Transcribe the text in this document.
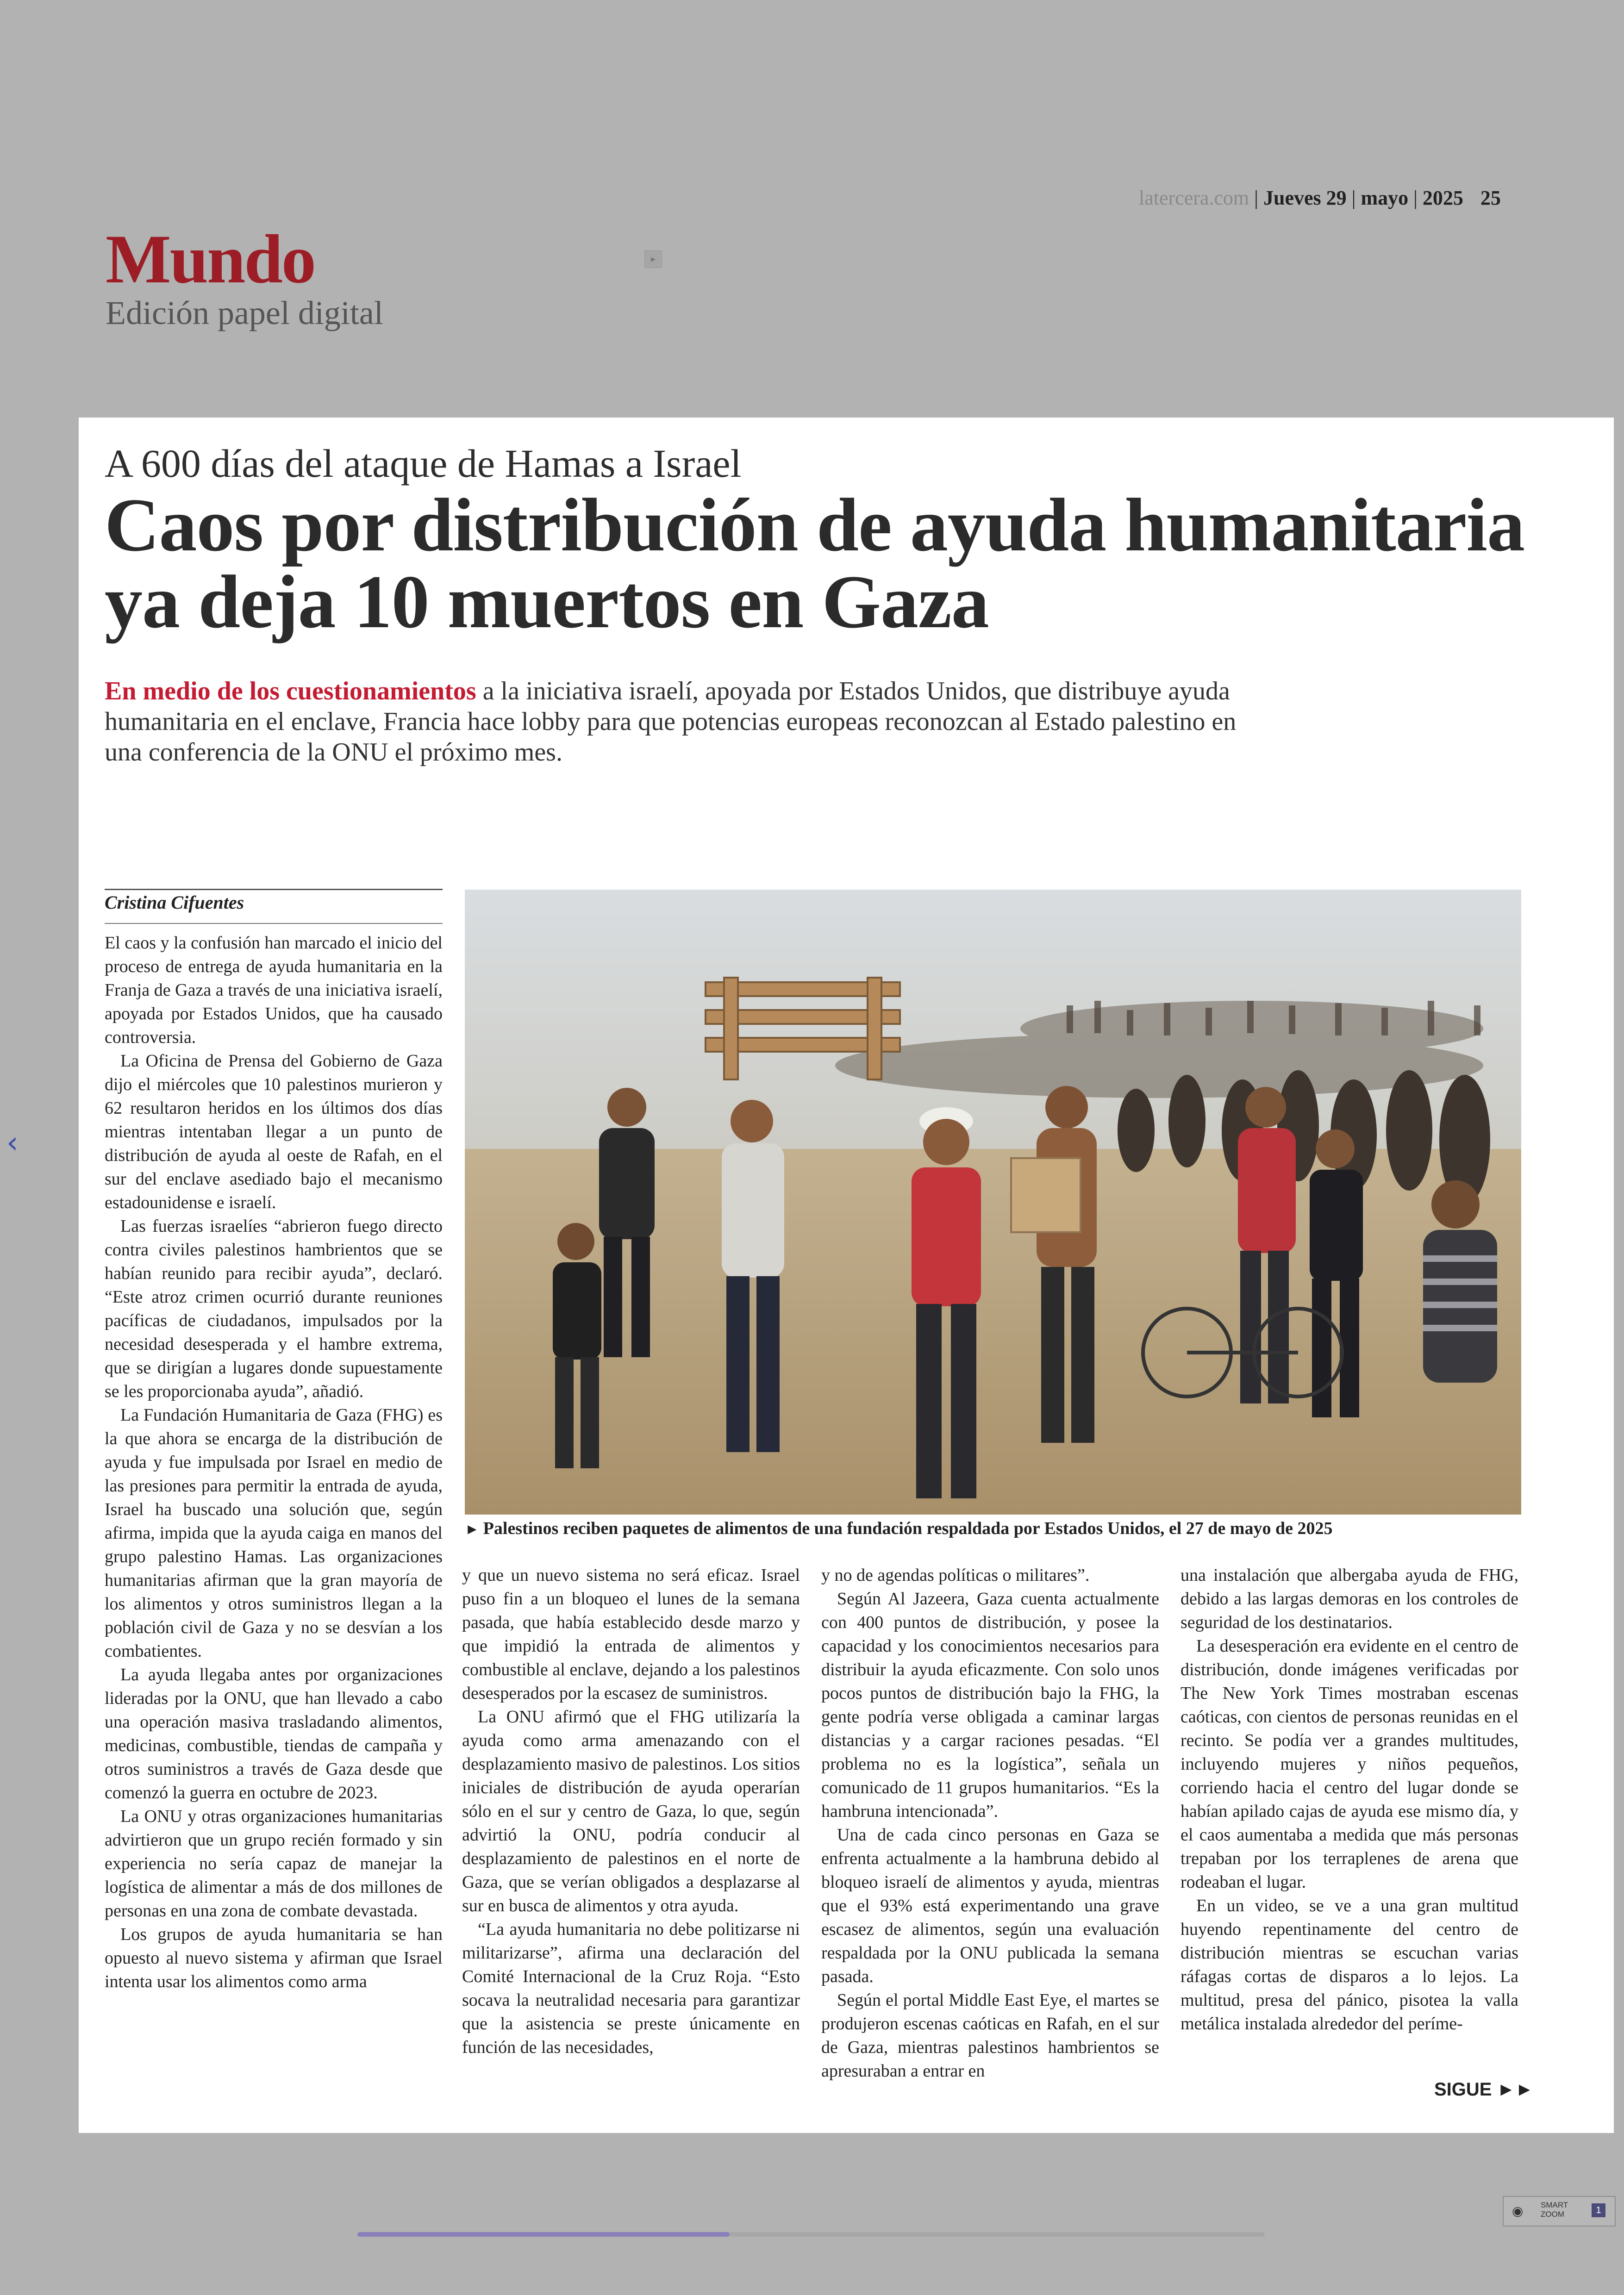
latercera.com | Jueves 29 | mayo | 2025 25
Mundo
Edición papel digital
▸
‹
A 600 días del ataque de Hamas a Israel
Caos por distribución de ayuda humanitaria ya deja 10 muertos en Gaza
En medio de los cuestionamientos a la iniciativa israelí, apoyada por Estados Unidos, que distribuye ayuda humanitaria en el enclave, Francia hace lobby para que potencias europeas reconozcan al Estado palestino en una conferencia de la ONU el próximo mes.
Cristina Cifuentes

El caos y la confusión han marcado el inicio del proceso de entrega de ayuda humanitaria en la Franja de Gaza a través de una iniciativa israelí, apoyada por Estados Unidos, que ha causado controversia.

La Oficina de Prensa del Gobierno de Gaza dijo el miércoles que 10 palestinos murieron y 62 resultaron heridos en los últimos dos días mientras intentaban llegar a un punto de distribución de ayuda al oeste de Rafah, en el sur del enclave asediado bajo el mecanismo estadounidense e israelí.

Las fuerzas israelíes “abrieron fuego directo contra civiles palestinos hambrientos que se habían reunido para recibir ayuda”, declaró. “Este atroz crimen ocurrió durante reuniones pacíficas de ciudadanos, impulsados por la necesidad desesperada y el hambre extrema, que se dirigían a lugares donde supuestamente se les proporcionaba ayuda”, añadió.

La Fundación Humanitaria de Gaza (FHG) es la que ahora se encarga de la distribución de ayuda y fue impulsada por Israel en medio de las presiones para permitir la entrada de ayuda, Israel ha buscado una solución que, según afirma, impida que la ayuda caiga en manos del grupo palestino Hamas. Las organizaciones humanitarias afirman que la gran mayoría de los alimentos y otros suministros llegan a la población civil de Gaza y no se desvían a los combatientes.

La ayuda llegaba antes por organizaciones lideradas por la ONU, que han llevado a cabo una operación masiva trasladando alimentos, medicinas, combustible, tiendas de campaña y otros suministros a través de Gaza desde que comenzó la guerra en octubre de 2023.

La ONU y otras organizaciones humanitarias advirtieron que un grupo recién formado y sin experiencia no sería capaz de manejar la logística de alimentar a más de dos millones de personas en una zona de combate devastada.

Los grupos de ayuda humanitaria se han opuesto al nuevo sistema y afirman que Israel intenta usar los alimentos como arma

► Palestinos reciben paquetes de alimentos de una fundación respaldada por Estados Unidos, el 27 de mayo de 2025

y que un nuevo sistema no será eficaz. Israel puso fin a un bloqueo el lunes de la semana pasada, que había establecido desde marzo y que impidió la entrada de alimentos y combustible al enclave, dejando a los palestinos desesperados por la escasez de suministros.

La ONU afirmó que el FHG utilizaría la ayuda como arma amenazando con el desplazamiento masivo de palestinos. Los sitios iniciales de distribución de ayuda operarían sólo en el sur y centro de Gaza, lo que, según advirtió la ONU, podría conducir al desplazamiento de palestinos en el norte de Gaza, que se verían obligados a desplazarse al sur en busca de alimentos y otra ayuda.

“La ayuda humanitaria no debe politizarse ni militarizarse”, afirma una declaración del Comité Internacional de la Cruz Roja. “Esto socava la neutralidad necesaria para garantizar que la asistencia se preste únicamente en función de las necesidades,

y no de agendas políticas o militares”.

Según Al Jazeera, Gaza cuenta actualmente con 400 puntos de distribución, y posee la capacidad y los conocimientos necesarios para distribuir la ayuda eficazmente. Con solo unos pocos puntos de distribución bajo la FHG, la gente podría verse obligada a caminar largas distancias y a cargar raciones pesadas. “El problema no es la logística”, señala un comunicado de 11 grupos humanitarios. “Es la hambruna intencionada”.

Una de cada cinco personas en Gaza se enfrenta actualmente a la hambruna debido al bloqueo israelí de alimentos y ayuda, mientras que el 93% está experimentando una grave escasez de alimentos, según una evaluación respaldada por la ONU publicada la semana pasada.

Según el portal Middle East Eye, el martes se produjeron escenas caóticas en Rafah, en el sur de Gaza, mientras palestinos hambrientos se apresuraban a entrar en

una instalación que albergaba ayuda de FHG, debido a las largas demoras en los controles de seguridad de los destinatarios.

La desesperación era evidente en el centro de distribución, donde imágenes verificadas por The New York Times mostraban escenas caóticas, con cientos de personas reunidas en el recinto. Se podía ver a grandes multitudes, incluyendo mujeres y niños pequeños, corriendo hacia el centro del lugar donde se habían apilado cajas de ayuda ese mismo día, y el caos aumentaba a medida que más personas trepaban por los terraplenes de arena que rodeaban el lugar.

En un video, se ve a una gran multitud huyendo repentinamente del centro de distribución mientras se escuchan varias ráfagas cortas de disparos a lo lejos. La multitud, presa del pánico, pisotea la valla metálica instalada alrededor del períme-

SIGUE ►►
◉ SMART
ZOOM	1
